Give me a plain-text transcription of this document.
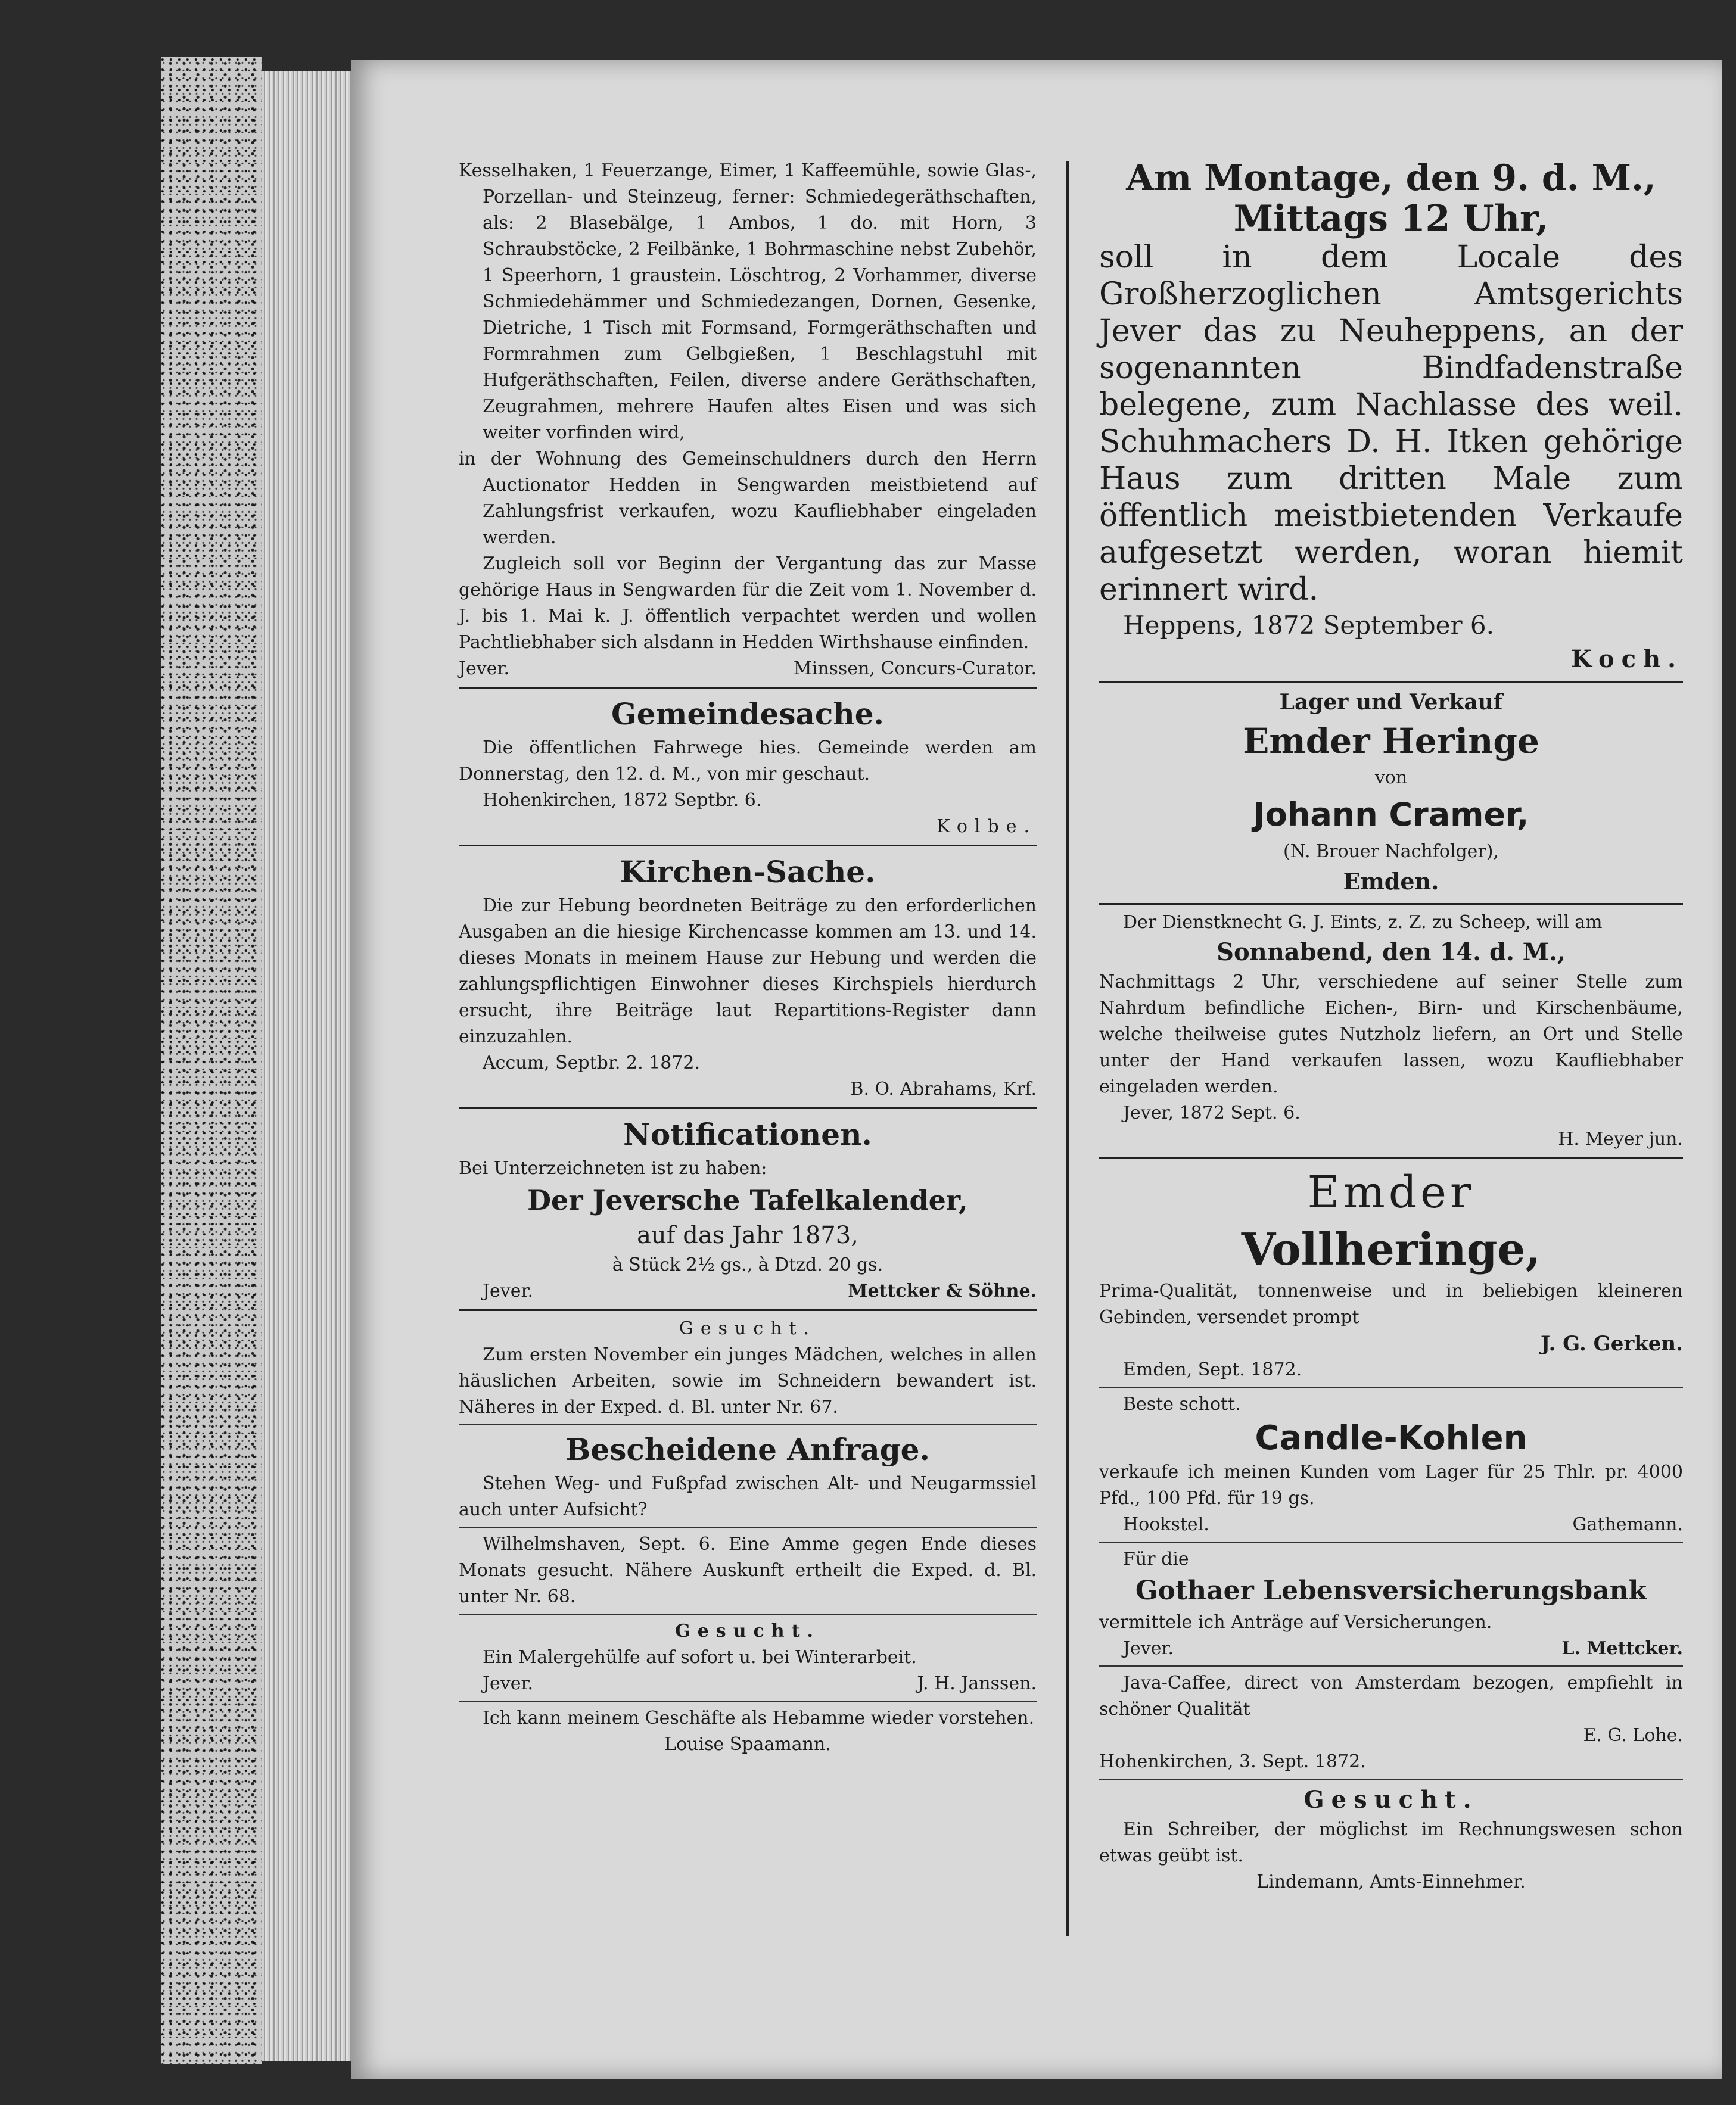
Kesselhaken, 1 Feuerzange, Eimer, 1 Kaffeemühle, sowie Glas-, Porzellan- und Steinzeug, ferner: Schmiedegeräthschaften, als: 2 Blasebälge, 1 Ambos, 1 do. mit Horn, 3 Schraubstöcke, 2 Feilbänke, 1 Bohrmaschine nebst Zubehör, 1 Speerhorn, 1 graustein. Löschtrog, 2 Vorhammer, diverse Schmiedehämmer und Schmiedezangen, Dornen, Gesenke, Dietriche, 1 Tisch mit Formsand, Formgeräthschaften und Formrahmen zum Gelbgießen, 1 Beschlagstuhl mit Hufgeräthschaften, Feilen, diverse andere Geräthschaften, Zeugrahmen, mehrere Haufen altes Eisen und was sich weiter vorfinden wird,

in der Wohnung des Gemeinschuldners durch den Herrn Auctionator Hedden in Sengwarden meistbietend auf Zahlungsfrist verkaufen, wozu Kaufliebhaber eingeladen werden.

Zugleich soll vor Beginn der Vergantung das zur Masse gehörige Haus in Sengwarden für die Zeit vom 1. November d. J. bis 1. Mai k. J. öffentlich verpachtet werden und wollen Pachtliebhaber sich alsdann in Hedden Wirthshause einfinden.

Jever.	Minssen, Concurs-Curator.
Gemeindesache.

Die öffentlichen Fahrwege hies. Gemeinde werden am Donnerstag, den 12. d. M., von mir geschaut.

Hohenkirchen, 1872 Septbr. 6.

Kolbe.

Kirchen-Sache.

Die zur Hebung beordneten Beiträge zu den erforderlichen Ausgaben an die hiesige Kirchencasse kommen am 13. und 14. dieses Monats in meinem Hause zur Hebung und werden die zahlungspflichtigen Einwohner dieses Kirchspiels hierdurch ersucht, ihre Beiträge laut Repartitions-Register dann einzuzahlen.

Accum, Septbr. 2. 1872.

B. O. Abrahams, Krf.

Notificationen.

Bei Unterzeichneten ist zu haben:

Der Jeversche Tafelkalender,
auf das Jahr 1873,

à Stück 2½ gs., à Dtzd. 20 gs.

Jever.	Mettcker & Söhne.

Gesucht.

Zum ersten November ein junges Mädchen, welches in allen häuslichen Arbeiten, sowie im Schneidern bewandert ist. Näheres in der Exped. d. Bl. unter Nr. 67.

Bescheidene Anfrage.

Stehen Weg- und Fußpfad zwischen Alt- und Neugarmssiel auch unter Aufsicht?

Wilhelmshaven, Sept. 6. Eine Amme gegen Ende dieses Monats gesucht. Nähere Auskunft ertheilt die Exped. d. Bl. unter Nr. 68.

Gesucht.

Ein Malergehülfe auf sofort u. bei Winterarbeit.

Jever.	J. H. Janssen.

Ich kann meinem Geschäfte als Hebamme wieder vorstehen.

Louise Spaamann.

Am Montage, den 9. d. M., Mittags 12 Uhr,

soll in dem Locale des Großherzoglichen Amtsgerichts Jever das zu Neuheppens, an der sogenannten Bindfadenstraße belegene, zum Nachlasse des weil. Schuhmachers D. H. Itken gehörige Haus zum dritten Male zum öffentlich meistbietenden Verkaufe aufgesetzt werden, woran hiemit erinnert wird.

Heppens, 1872 September 6.

Koch.

Lager und Verkauf
Emder Heringe

von

Johann Cramer,

(N. Brouer Nachfolger),

Emden.

Der Dienstknecht G. J. Eints, z. Z. zu Scheep, will am

Sonnabend, den 14. d. M.,

Nachmittags 2 Uhr, verschiedene auf seiner Stelle zum Nahrdum befindliche Eichen-, Birn- und Kirschenbäume, welche theilweise gutes Nutzholz liefern, an Ort und Stelle unter der Hand verkaufen lassen, wozu Kaufliebhaber eingeladen werden.

Jever, 1872 Sept. 6.

H. Meyer jun.

Emder
Vollheringe,

Prima-Qualität, tonnenweise und in beliebigen kleineren Gebinden, versendet prompt

J. G. Gerken.

Emden, Sept. 1872.

Beste schott.

Candle-Kohlen

verkaufe ich meinen Kunden vom Lager für 25 Thlr. pr. 4000 Pfd., 100 Pfd. für 19 gs.

Hookstel.	Gathemann.

Für die

Gothaer Lebensversicherungsbank

vermittele ich Anträge auf Versicherungen.

Jever.	L. Mettcker.

Java-Caffee, direct von Amsterdam bezogen, empfiehlt in schöner Qualität

E. G. Lohe.

Hohenkirchen, 3. Sept. 1872.

Gesucht.

Ein Schreiber, der möglichst im Rechnungswesen schon etwas geübt ist.

Lindemann, Amts-Einnehmer.
